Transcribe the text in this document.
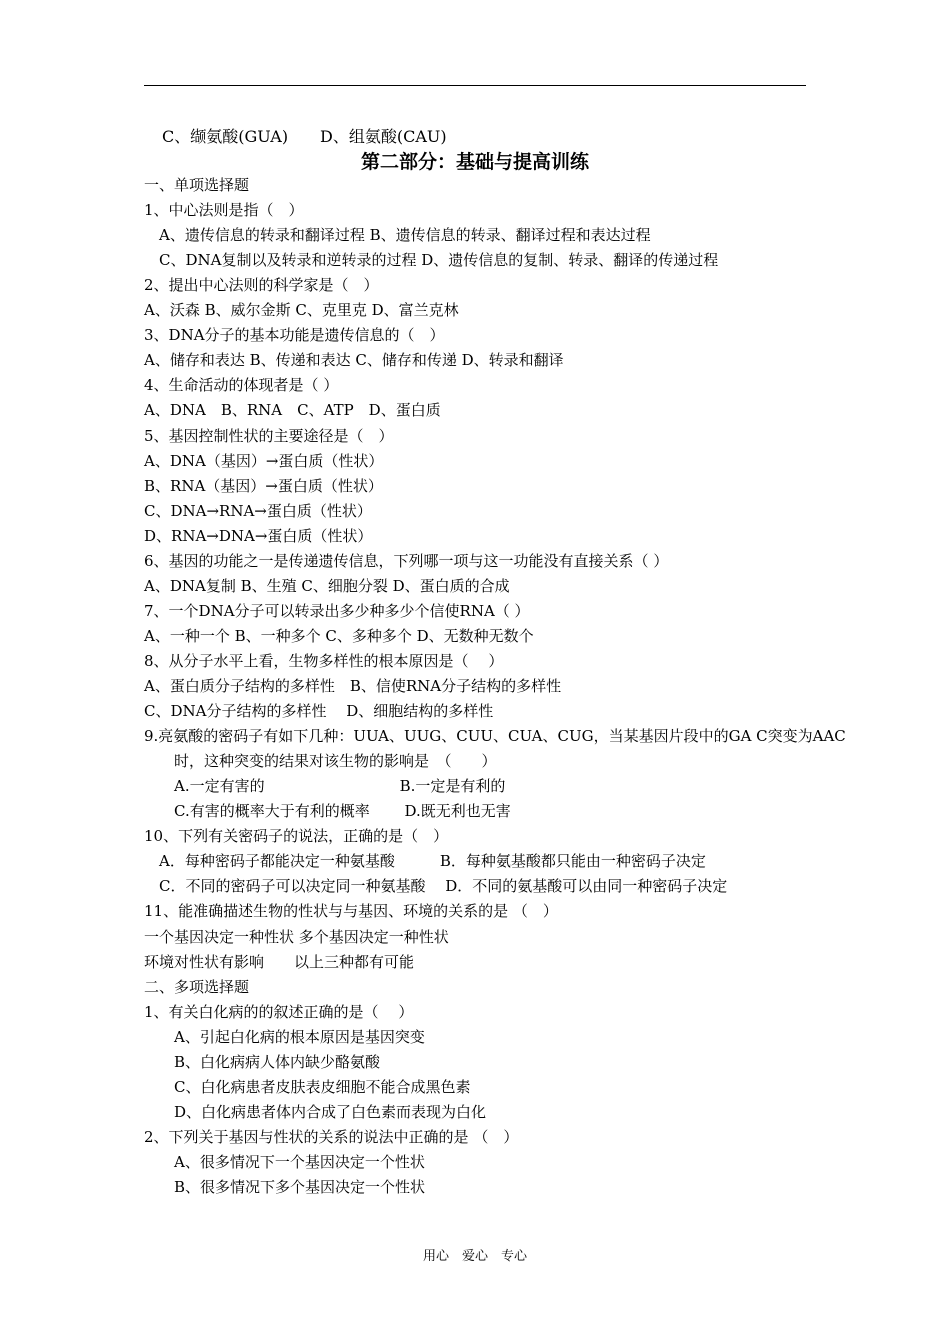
C、缬氨酸(GUA)　　D、组氨酸(CAU)
第二部分：基础与提高训练
一、单项选择题
1、中心法则是指（　）
　A、遗传信息的转录和翻译过程 B、遗传信息的转录、翻译过程和表达过程
　C、DNA复制以及转录和逆转录的过程 D、遗传信息的复制、转录、翻译的传递过程
2、提出中心法则的科学家是（　）
A、沃森 B、威尔金斯 C、克里克 D、富兰克林
3、DNA分子的基本功能是遗传信息的（　）
A、储存和表达 B、传递和表达 C、储存和传递 D、转录和翻译
4、生命活动的体现者是（ ）
A、DNA　B、RNA　C、ATP　D、蛋白质
5、基因控制性状的主要途径是（　）
A、DNA（基因）→蛋白质（性状）
B、RNA（基因）→蛋白质（性状）
C、DNA→RNA→蛋白质（性状）
D、RNA→DNA→蛋白质（性状）
6、基因的功能之一是传递遗传信息，下列哪一项与这一功能没有直接关系（ ）
A、DNA复制 B、生殖 C、细胞分裂 D、蛋白质的合成
7、一个DNA分子可以转录出多少种多少个信使RNA（ ）
A、一种一个 B、一种多个 C、多种多个 D、无数种无数个
8、从分子水平上看，生物多样性的根本原因是（　 ）
A、蛋白质分子结构的多样性　B、信使RNA分子结构的多样性
C、DNA分子结构的多样性　 D、细胞结构的多样性
9.亮氨酸的密码子有如下几种：UUA、UUG、CUU、CUA、CUG，当某基因片段中的GA C突变为AAC
　　时，这种突变的结果对该生物的影响是　（　　）
　　A.一定有害的　　　　　　　　　B.一定是有利的
　　C.有害的概率大于有利的概率　　 D.既无利也无害
10、下列有关密码子的说法，正确的是（　）
　A．每种密码子都能决定一种氨基酸　　　B．每种氨基酸都只能由一种密码子决定
　C．不同的密码子可以决定同一种氨基酸　 D．不同的氨基酸可以由同一种密码子决定
11、能准确描述生物的性状与与基因、环境的关系的是 （　）
一个基因决定一种性状 多个基因决定一种性状
环境对性状有影响　　以上三种都有可能
二、多项选择题
1、有关白化病的的叙述正确的是（　 ）
　　A、引起白化病的根本原因是基因突变
　　B、白化病病人体内缺少酪氨酸
　　C、白化病患者皮肤表皮细胞不能合成黑色素
　　D、白化病患者体内合成了白色素而表现为白化
2、下列关于基因与性状的关系的说法中正确的是 （　）
　　A、很多情况下一个基因决定一个性状
　　B、很多情况下多个基因决定一个性状
用心　爱心　专心
